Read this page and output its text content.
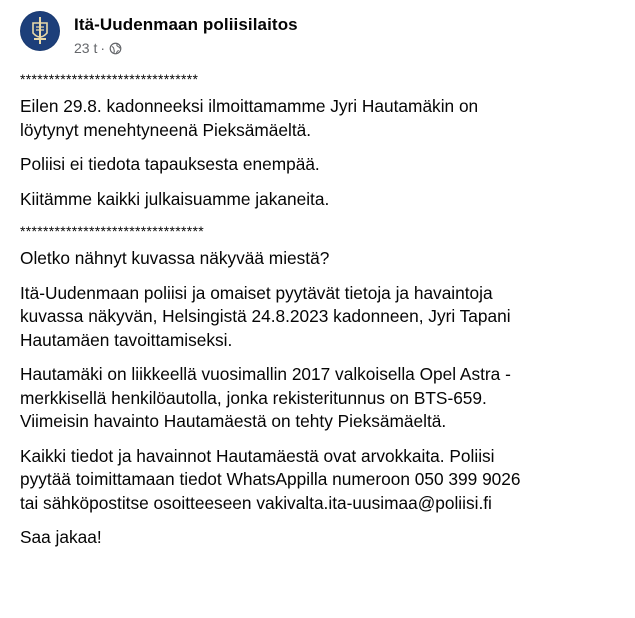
Itä-Uudenmaan poliisilaitos
23 t ·

*******************************

Eilen 29.8. kadonneeksi ilmoittamamme Jyri Hautamäkin on
löytynyt menehtyneenä Pieksämäeltä.

Poliisi ei tiedota tapauksesta enempää.

Kiitämme kaikki julkaisuamme jakaneita.

********************************

Oletko nähnyt kuvassa näkyvää miestä?

Itä-Uudenmaan poliisi ja omaiset pyytävät tietoja ja havaintoja
kuvassa näkyvän, Helsingistä 24.8.2023 kadonneen, Jyri Tapani
Hautamäen tavoittamiseksi.

Hautamäki on liikkeellä vuosimallin 2017 valkoisella Opel Astra -
merkkisellä henkilöautolla, jonka rekisteritunnus on BTS-659.
Viimeisin havainto Hautamäestä on tehty Pieksämäeltä.

Kaikki tiedot ja havainnot Hautamäestä ovat arvokkaita. Poliisi
pyytää toimittamaan tiedot WhatsAppilla numeroon 050 399 9026
tai sähköpostitse osoitteeseen vakivalta.ita-uusimaa@poliisi.fi

Saa jakaa!
